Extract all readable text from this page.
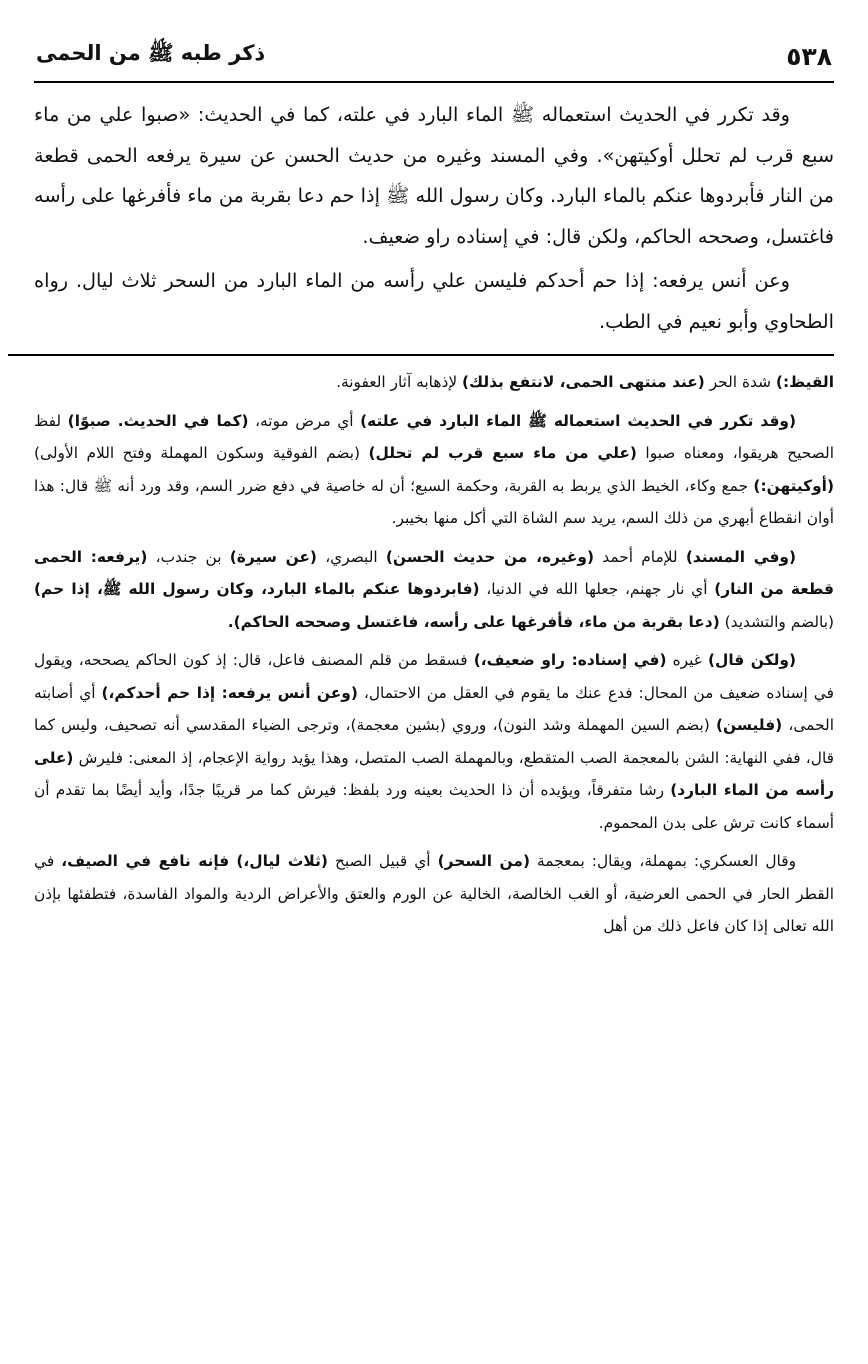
٥٣٨
ذكر طبه ﷺ من الحمى

وقد تكرر في الحديث استعماله ﷺ الماء البارد في علته، كما في الحديث: «صبوا علي من ماء سبع قرب لم تحلل أوكيتهن». وفي المسند وغيره من حديث الحسن عن سيرة يرفعه الحمى قطعة من النار فأبردوها عنكم بالماء البارد. وكان رسول الله ﷺ إذا حم دعا بقربة من ماء فأفرغها على رأسه فاغتسل، وصححه الحاكم، ولكن قال: في إسناده راو ضعيف.

وعن أنس يرفعه: إذا حم أحدكم فليسن علي رأسه من الماء البارد من السحر ثلاث ليال. رواه الطحاوي وأبو نعيم في الطب.

القيظ:) شدة الحر (عند منتهى الحمى، لانتفع بذلك) لإذهابه آثار العفونة.

(وقد تكرر في الحديث استعماله ﷺ الماء البارد في علته) أي مرض موته، (كما في الحديث. صبوًا) لفظ الصحيح هريقوا، ومعناه صبوا (علي من ماء سبع قرب لم تحلل) (بضم الفوقية وسكون المهملة وفتح اللام الأولى) (أوكيتهن:) جمع وكاء، الخيط الذي يربط به القربة، وحكمة السبع؛ أن له خاصية في دفع ضرر السم، وقد ورد أنه ﷺ قال: هذا أوان انقطاع أبهري من ذلك السم، يريد سم الشاة التي أكل منها بخيبر.

(وفي المسند) للإمام أحمد (وغيره، من حديث الحسن) البصري، (عن سيرة) بن جندب، (يرفعه: الحمى قطعة من النار) أي نار جهنم، جعلها الله في الدنيا، (فابردوها عنكم بالماء البارد، وكان رسول الله ﷺ، إذا حم) (بالضم والتشديد) (دعا بقربة من ماء، فأفرغها على رأسه، فاغتسل وصححه الحاكم).

(ولكن قال) غيره (في إسناده: راو ضعيف،) فسقط من قلم المصنف فاعل، قال: إذ كون الحاكم يصححه، ويقول في إسناده ضعيف من المحال: فدع عنك ما يقوم في العقل من الاحتمال، (وعن أنس يرفعه: إذا حم أحدكم،) أي أصابته الحمى، (فليسن) (بضم السين المهملة وشد النون)، وروي (بشين معجمة)، وترجى الضياء المقدسي أنه تصحيف، وليس كما قال، ففي النهاية: الشن بالمعجمة الصب المتقطع، وبالمهملة الصب المتصل، وهذا يؤيد رواية الإعجام، إذ المعنى: فليرش (على رأسه من الماء البارد) رشا متفرقاً، ويؤيده أن ذا الحديث بعينه ورد بلفظ: فيرش كما مر قريبًا جدًا، وأيد أيضًا بما تقدم أن أسماء كانت ترش على بدن المحموم.

وقال العسكري: بمهملة، ويقال: بمعجمة (من السحر) أي قبيل الصبح (ثلاث ليال،) فإنه نافع في الصيف، في القطر الحار في الحمى العرضية، أو الغب الخالصة، الخالية عن الورم والعتق والأعراض الردية والمواد الفاسدة، فتطفئها بإذن الله تعالى إذا كان فاعل ذلك من أهل
